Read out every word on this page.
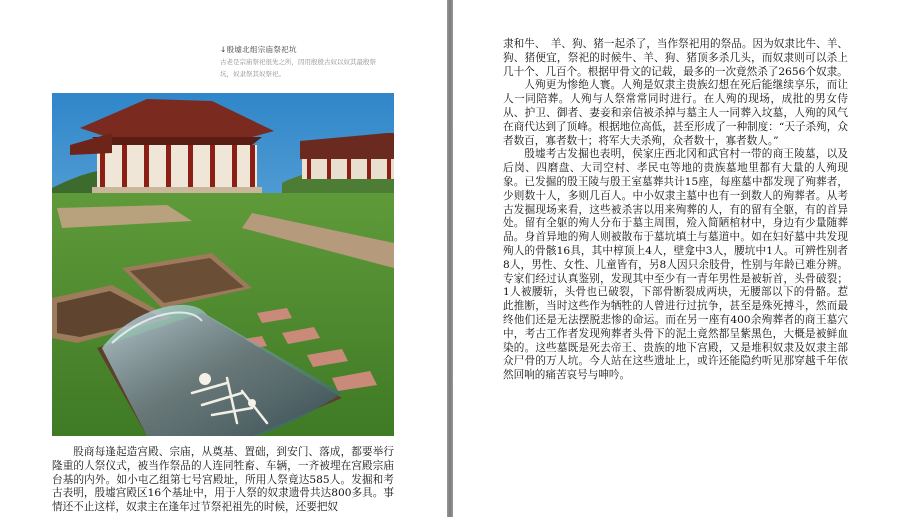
↓殷墟北组宗庙祭祀坑
古老是宗庙祭祀很先之所，因用殷殷古奴以奴其最殷祭坑，奴隶祭其奴祭祀。

股商每逢起造宫殿、宗庙，从奠基、置础，到安门、落成，都要举行隆重的人祭仪式，被当作祭品的人连同牲畜、车辆，一齐被埋在宫殿宗庙台基的内外。如小屯乙组第七号宫殿址，所用人祭竟达585人。发掘和考古表明，殷墟宫殿区16个基址中，用于人祭的奴隶遗骨共达800多具。事情还不止这样，奴隶主在逢年过节祭祀祖先的时候，还要把奴

隶和牛、　羊、狗、猪一起杀了，当作祭祀用的祭品。因为奴隶比牛、羊、狗、猪便宜，祭祀的时候牛、羊、狗、猪顶多杀几头，而奴隶则可以杀上几十个、几百个。根据甲骨文的记载，最多的一次竟然杀了2656个奴隶。

人殉更为惨绝人寰。人殉是奴隶主贵族幻想在死后能继续享乐，而让人一同陪葬。人殉与人祭常常同时进行。在人殉的现场，成批的男女侍从、护卫、御者、妻妾和亲信被杀掉与墓主人一同葬入坟墓，人殉的风气在商代达到了顶峰。根据地位高低，甚至形成了一种制度：“天子杀殉，众者数百，寡者数十；将军大夫杀殉，众者数十，寡者数人。”

殷墟考古发掘也表明，侯家庄西北冈和武官村一带的商王陵墓，以及后岗、四磨盘、大司空村、孝民屯等地的贵族墓地里都有大量的人殉现象。已发掘的殷王陵与殷王室墓葬共计15座，每座墓中都发现了殉葬者，少则数十人，多则几百人。中小奴隶主墓中也有一到数人的殉葬者。从考古发掘现场来看，这些被杀害以用来殉葬的人，有的留有全躯，有的首异处。留有全躯的殉人分布于墓主周围，殓入简陋棺材中，身边有少量随葬品。身首异地的殉人则被散布于墓坑填土与墓道中。如在妇好墓中共发现殉人的骨骸16具，其中椁顶上4人，壁龛中3人，腰坑中1人。可辨性别者8人，男性、女性、儿童皆有，另8人因只余肢骨，性别与年龄已难分辨。专家们经过认真鉴别，发现其中至少有一青年男性是被斩首，头骨破裂；1人被腰斩，头骨也已破裂，下部骨断裂成两块，无腰部以下的骨骼。惹此推断，当时这些作为牺牲的人曾进行过抗争，甚至是殊死搏斗，然而最终他们还是无法摆脱悲惨的命运。而在另一座有400余殉葬者的商王墓穴中，考古工作者发现殉葬者头骨下的泥土竟然都呈紫黑色，大概是被鲜血染的。这些墓既是死去帝王、贵族的地下宫殿，又是堆积奴隶及奴隶主部众尸骨的万人坑。今人站在这些遗址上，或许还能隐约听见那穿越千年依然回响的痛苦哀号与呻吟。
